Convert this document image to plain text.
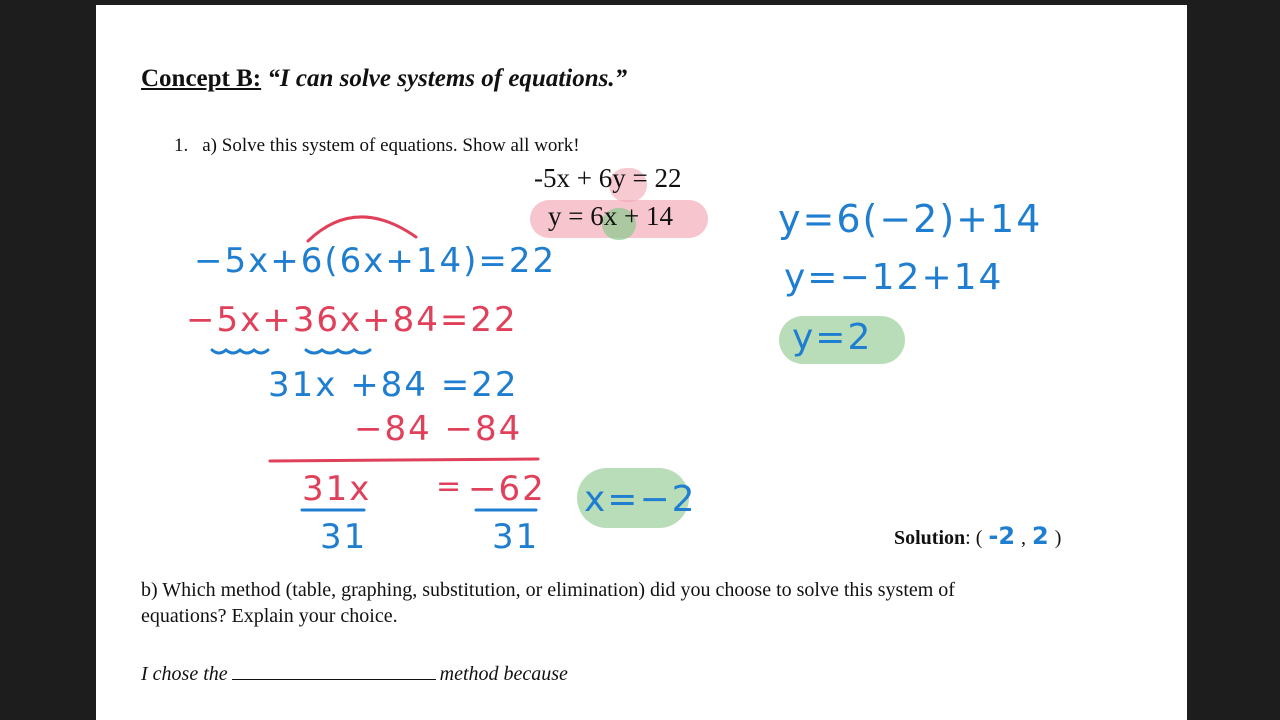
Concept B: “I can solve systems of equations.”
1. a) Solve this system of equations. Show all work!
-5x + 6y = 22
y = 6x + 14
−5x+6(6x+14)=22
−5x+36x+84=22
31x +84 =22
−84 −84
31x = −62
31	31
x=−2
y=6(−2)+14
y=−12+14
y=2
Solution: ( -2 , 2 )
b) Which method (table, graphing, substitution, or elimination) did you choose to solve this system of equations? Explain your choice.
I chose the	method because
